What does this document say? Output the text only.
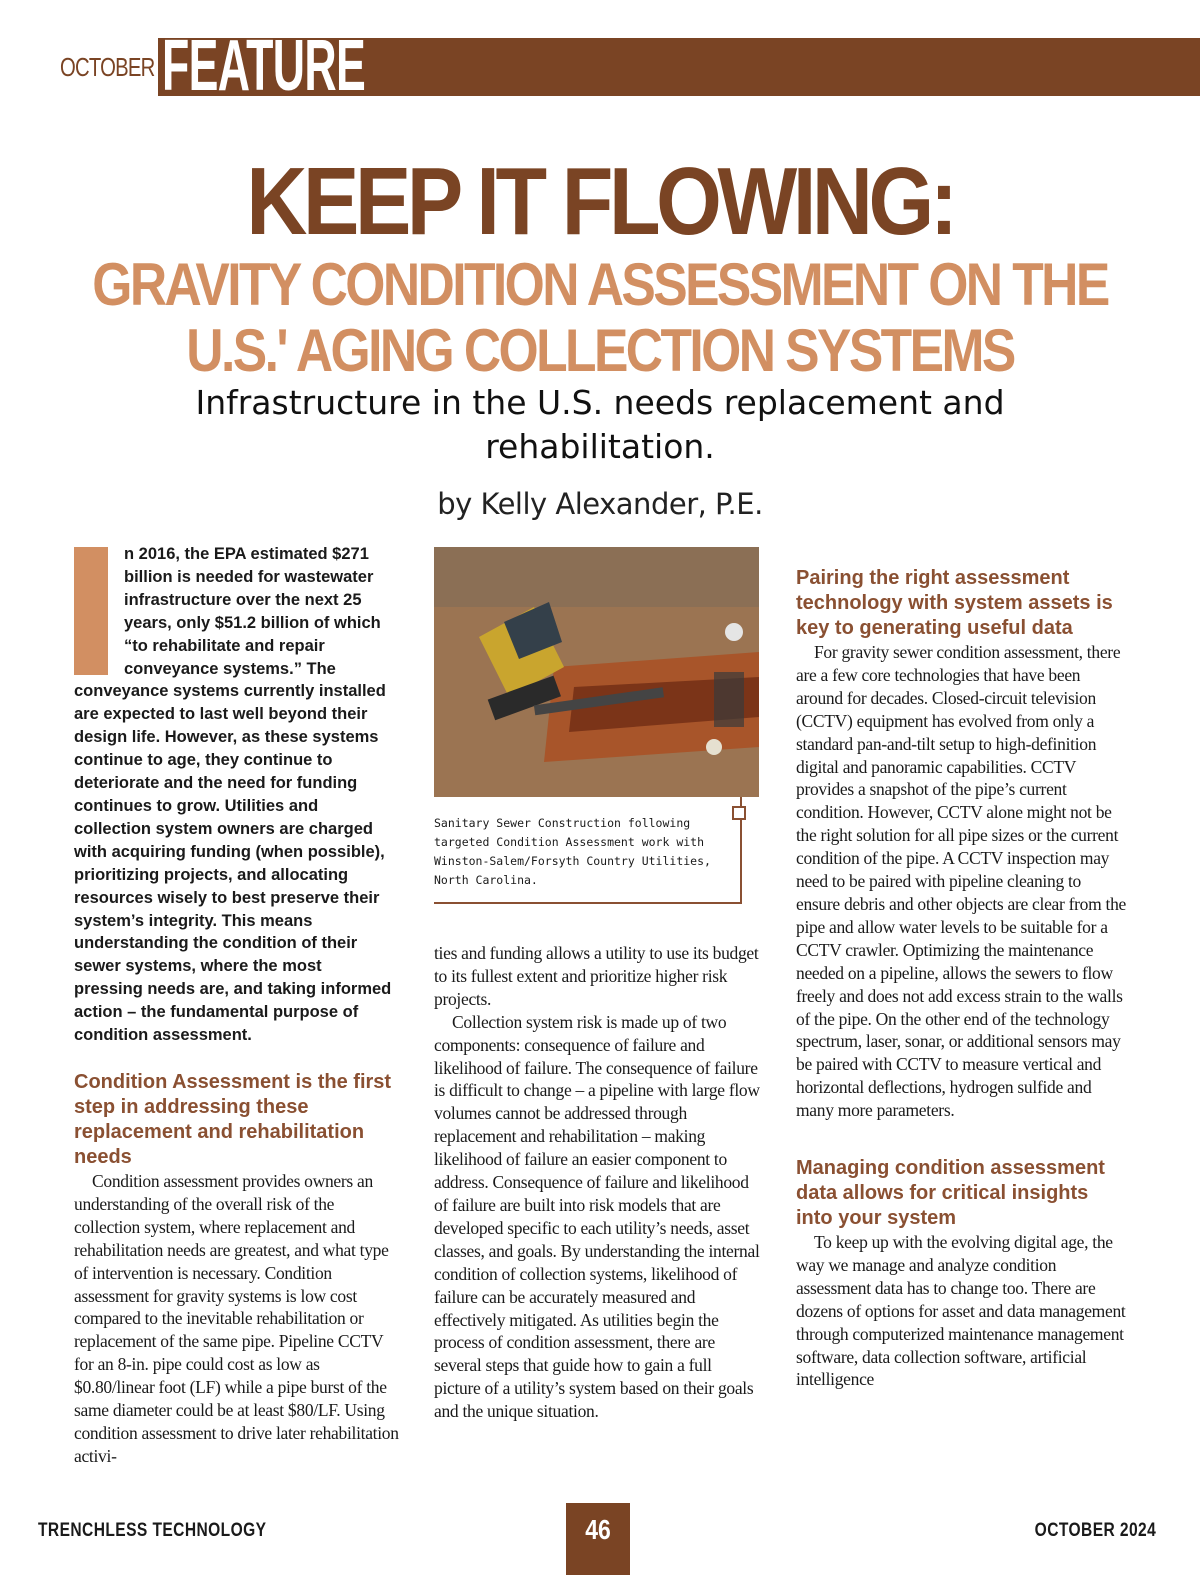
OCTOBER FEATURE
KEEP IT FLOWING:
GRAVITY CONDITION ASSESSMENT ON THE U.S.' AGING COLLECTION SYSTEMS
Infrastructure in the U.S. needs replacement and rehabilitation.
by Kelly Alexander, P.E.
n 2016, the EPA estimated $271 billion is needed for wastewater infrastructure over the next 25 years, only $51.2 billion of which “to rehabilitate and repair conveyance systems.” The conveyance systems currently installed are expected to last well beyond their design life. However, as these systems continue to age, they continue to deteriorate and the need for funding continues to grow. Utilities and collection system owners are charged with acquiring funding (when possible), prioritizing projects, and allocating resources wisely to best preserve their system’s integrity. This means understanding the condition of their sewer systems, where the most pressing needs are, and taking informed action – the fundamental purpose of condition assessment.
Condition Assessment is the first step in addressing these replacement and rehabilitation needs

Condition assessment provides owners an understanding of the overall risk of the collection system, where replacement and rehabilitation needs are greatest, and what type of intervention is necessary. Condition assessment for gravity systems is low cost compared to the inevitable rehabilitation or replacement of the same pipe. Pipeline CCTV for an 8-in. pipe could cost as low as $0.80/linear foot (LF) while a pipe burst of the same diameter could be at least $80/LF. Using condition assessment to drive later rehabilitation activi-

Sanitary Sewer Construction following targeted Condition Assessment work with Winston-Salem/Forsyth Country Utilities, North Carolina.

ties and funding allows a utility to use its budget to its fullest extent and prioritize higher risk projects.

Collection system risk is made up of two components: consequence of failure and likelihood of failure. The consequence of failure is difficult to change – a pipeline with large flow volumes cannot be addressed through replacement and rehabilitation – making likelihood of failure an easier component to address. Consequence of failure and likelihood of failure are built into risk models that are developed specific to each utility’s needs, asset classes, and goals. By understanding the internal condition of collection systems, likelihood of failure can be accurately measured and effectively mitigated. As utilities begin the process of condition assessment, there are several steps that guide how to gain a full picture of a utility’s system based on their goals and the unique situation.

Pairing the right assessment technology with system assets is key to generating useful data

For gravity sewer condition assessment, there are a few core technologies that have been around for decades. Closed-circuit television (CCTV) equipment has evolved from only a standard pan-and-tilt setup to high-definition digital and panoramic capabilities. CCTV provides a snapshot of the pipe’s current condition. However, CCTV alone might not be the right solution for all pipe sizes or the current condition of the pipe. A CCTV inspection may need to be paired with pipeline cleaning to ensure debris and other objects are clear from the pipe and allow water levels to be suitable for a CCTV crawler. Optimizing the maintenance needed on a pipeline, allows the sewers to flow freely and does not add excess strain to the walls of the pipe. On the other end of the technology spectrum, laser, sonar, or additional sensors may be paired with CCTV to measure vertical and horizontal deflections, hydrogen sulfide and many more parameters.

Managing condition assessment data allows for critical insights into your system

To keep up with the evolving digital age, the way we manage and analyze condition assessment data has to change too. There are dozens of options for asset and data management through computerized maintenance management software, data collection software, artificial intelligence

TRENCHLESS TECHNOLOGY	46	OCTOBER 2024
